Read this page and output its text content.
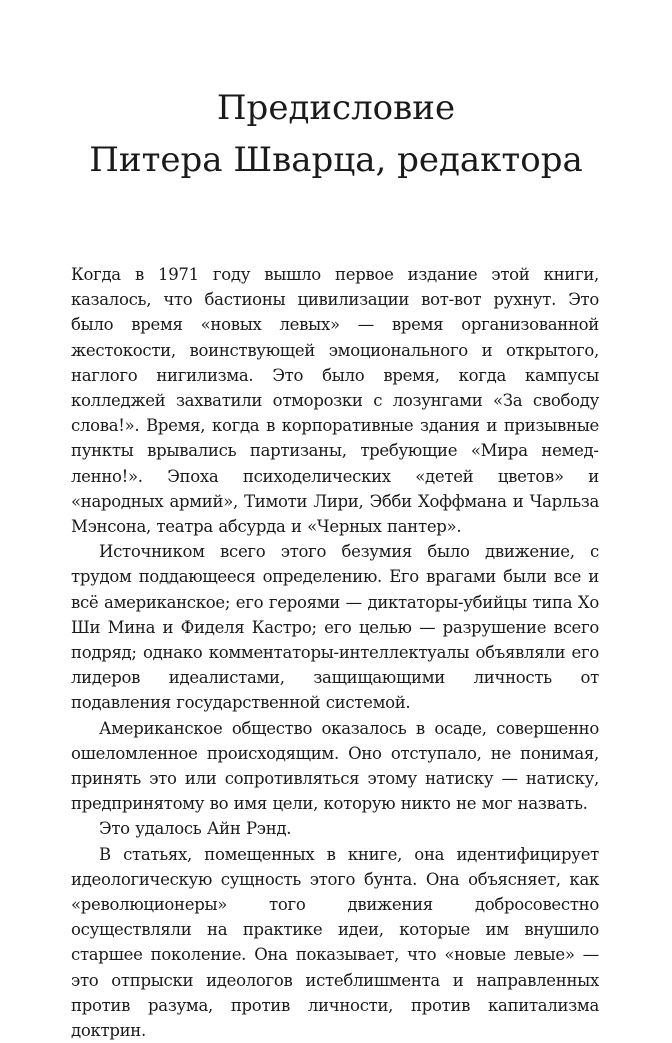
Предисловие
Питера Шварца, редактора

Когда в 1971 году вышло первое издание этой книги, казалось, что бастионы цивилизации вот-вот рухнут. Это было время «новых левых» — время организованной жестокости, воинствующей эмоционального и открытого, наглого нигилизма. Это было время, когда кампусы колледжей захватили отморозки с лозунгами «За свободу слова!». Время, когда в корпоративные здания и призывные пункты врывались партизаны, требующие «Мира немедленно!». Эпоха психоделических «детей цветов» и «народных армий», Тимоти Лири, Эбби Хоффмана и Чарльза Мэнсона, театра абсурда и «Черных пантер».

Источником всего этого безумия было движение, с трудом поддающееся определению. Его врагами были все и всё американское; его героями — диктаторы-убийцы типа Хо Ши Мина и Фиделя Кастро; его целью — разрушение всего подряд; однако комментаторы-интеллектуалы объявляли его лидеров идеалистами, защищающими личность от подавления государственной системой.

Американское общество оказалось в осаде, совершенно ошеломленное происходящим. Оно отступало, не понимая, принять это или сопротивляться этому натиску — натиску, предпринятому во имя цели, которую никто не мог назвать.

Это удалось Айн Рэнд.

В статьях, помещенных в книге, она идентифицирует идеологическую сущность этого бунта. Она объясняет, как «революционеры» того движения добросовестно осуществляли на практике идеи, которые им внушило старшее поколение. Она показывает, что «новые левые» — это отпрыски идеологов истеблишмента и направленных против разума, против личности, против капитализма доктрин.
